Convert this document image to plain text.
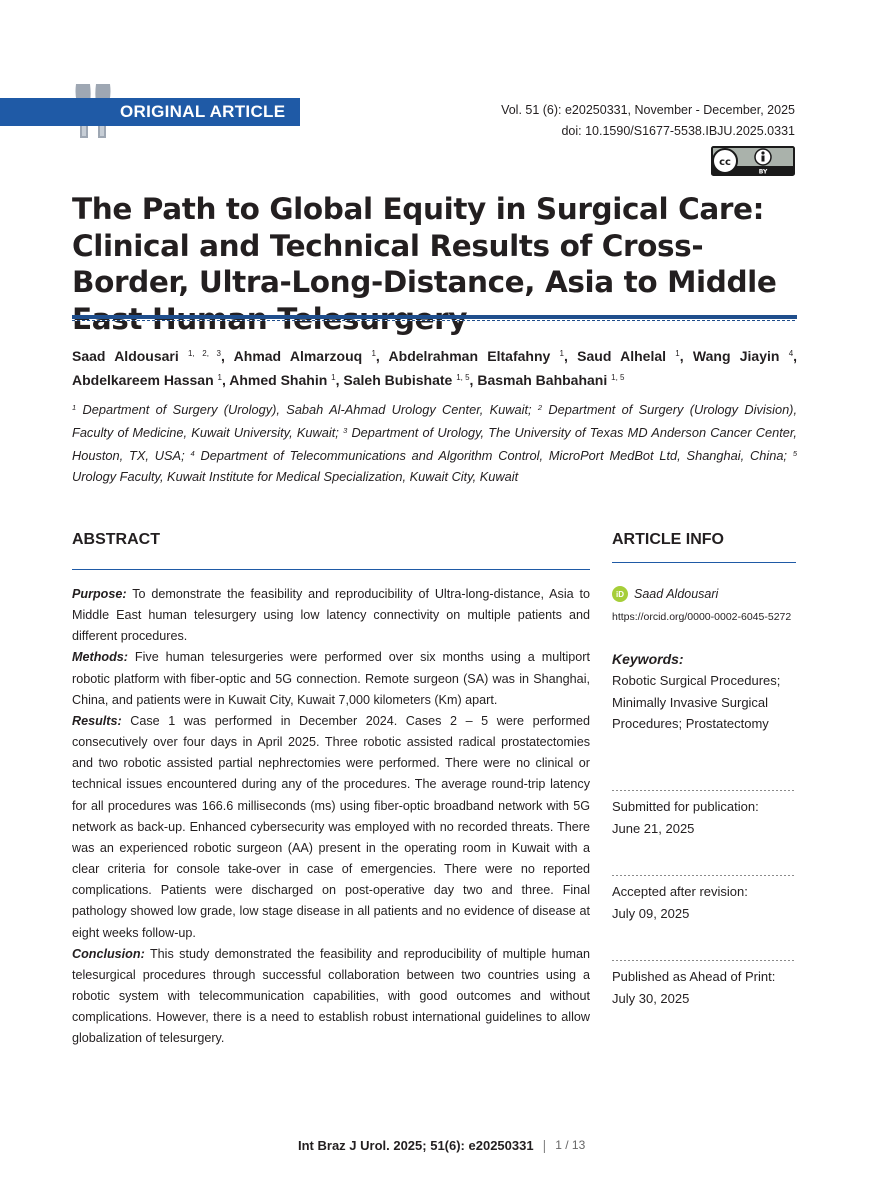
ORIGINAL ARTICLE	Vol. 51 (6): e20250331, November - December, 2025
doi: 10.1590/S1677-5538.IBJU.2025.0331
cc
BY
The Path to Global Equity in Surgical Care: Clinical and Technical Results of Cross-Border, Ultra-Long-Distance, Asia to Middle
Saad Aldousari $^{1, 2, 3}$, Ahmad Almarzouq $^1$, Abdelrahman Eltafahny $^1$, Saud Alhelal $^1$, Wang Jiayin $^4$, Abdelkareem Hassan $^1$, Ahmed Shahin $^1$, Saleh Bubishate $^{1, 5}$, Basmah Bahbahani $^{1, 5}$
$^1$ Department of Surgery (Urology), Sabah Al-Ahmad Urology Center, Kuwait; $^2$ Department of Surgery (Urology Division), Faculty of Medicine, Kuwait University, Kuwait; $^3$ Department of Urology, The University of Texas MD Anderson Cancer Center, Houston, TX, USA; $^4$ Department of Telecommunications and Algorithm Control, MicroPort MedBot Ltd, Shanghai, China; $^5$ Urology Faculty, Kuwait Institute for Medical Specialization, Kuwait City, Kuwait
ABSTRACT

Purpose: To demonstrate the feasibility and reproducibility of Ultra-long-distance, Asia to Middle East human telesurgery using low latency connectivity on multiple patients and different procedures.

Methods: Five human telesurgeries were performed over six months using a multiport robotic platform with fiber-optic and 5G connection. Remote surgeon (SA) was in Shanghai, China, and patients were in Kuwait City, Kuwait 7,000 kilometers (Km) apart.

Results: Case 1 was performed in December 2024. Cases 2 – 5 were performed consecutively over four days in April 2025. Three robotic assisted radical prostatectomies and two robotic assisted partial nephrectomies were performed. There were no clinical or technical issues encountered during any of the procedures. The average round-trip latency for all procedures was 166.6 milliseconds (ms) using fiber-optic broadband network with 5G network as back-up. Enhanced cybersecurity was employed with no recorded threats. There was an experienced robotic surgeon (AA) present in the operating room in Kuwait with a clear criteria for console take-over in case of emergencies. There were no reported complications. Patients were discharged on post-operative day two and three. Final pathology showed low grade, low stage disease in all patients and no evidence of disease at eight weeks follow-up.

Conclusion: This study demonstrated the feasibility and reproducibility of multiple human telesurgical procedures through successful collaboration between two countries using a robotic system with telecommunication capabilities, with good outcomes and without complications. However, there is a need to establish robust international guidelines to allow globalization of telesurgery.

ARTICLE INFO
iD Saad Aldousari
https://orcid.org/0000-0002-6045-5272
Keywords:
Robotic Surgical Procedures; Minimally Invasive Surgical Procedures; Prostatectomy
Submitted for publication:
June 21, 2025
Accepted after revision:
July 09, 2025
Published as Ahead of Print:
July 30, 2025
Int Braz J Urol. 2025; 51(6): e20250331 | 1 / 13
